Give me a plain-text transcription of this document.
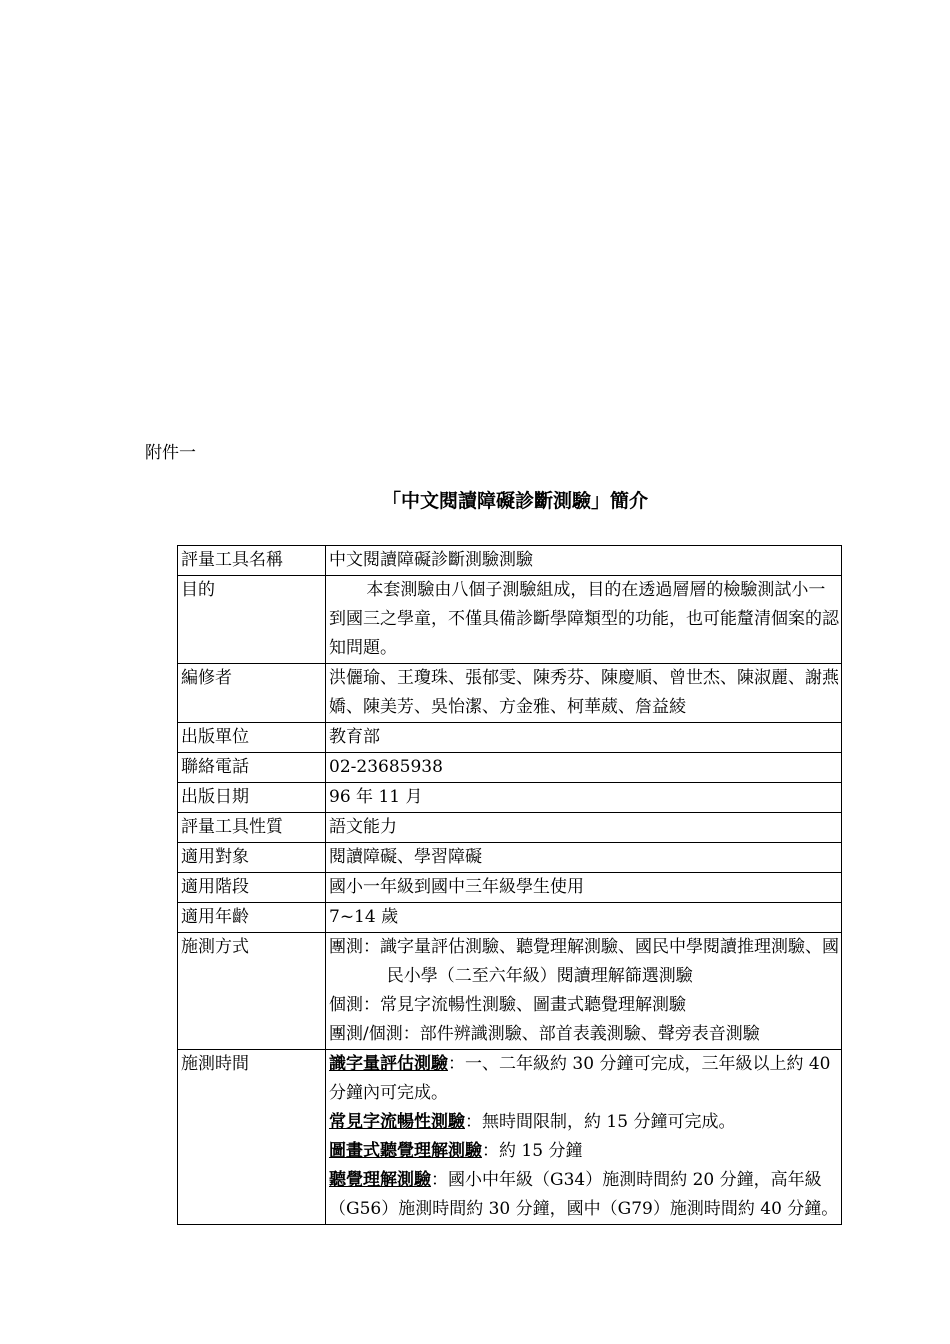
附件一
「中文閱讀障礙診斷測驗」簡介
評量工具名稱	中文閱讀障礙診斷測驗測驗
目的	本套測驗由八個子測驗組成，目的在透過層層的檢驗測試小一到國三之學童，不僅具備診斷學障類型的功能，也可能釐清個案的認知問題。
編修者	洪儷瑜、王瓊珠、張郁雯、陳秀芬、陳慶順、曾世杰、陳淑麗、謝燕嬌、陳美芳、吳怡潔、方金雅、柯華葳、詹益綾
出版單位	教育部
聯絡電話	02-23685938
出版日期	96 年 11 月
評量工具性質	語文能力
適用對象	閱讀障礙、學習障礙
適用階段	國小一年級到國中三年級學生使用
適用年齡	7~14 歲
施測方式	團測：識字量評估測驗、聽覺理解測驗、國民中學閱讀推理測驗、國民小學（二至六年級）閱讀理解篩選測驗
個測：常見字流暢性測驗、圖畫式聽覺理解測驗
團測/個測：部件辨識測驗、部首表義測驗、聲旁表音測驗

施測時間	識字量評估測驗：一、二年級約 30 分鐘可完成，三年級以上約 40 分鐘內可完成。
常見字流暢性測驗：無時間限制，約 15 分鐘可完成。
圖畫式聽覺理解測驗：約 15 分鐘
聽覺理解測驗：國小中年級（G34）施測時間約 20 分鐘，高年級（G56）施測時間約 30 分鐘，國中（G79）施測時間約 40 分鐘。
